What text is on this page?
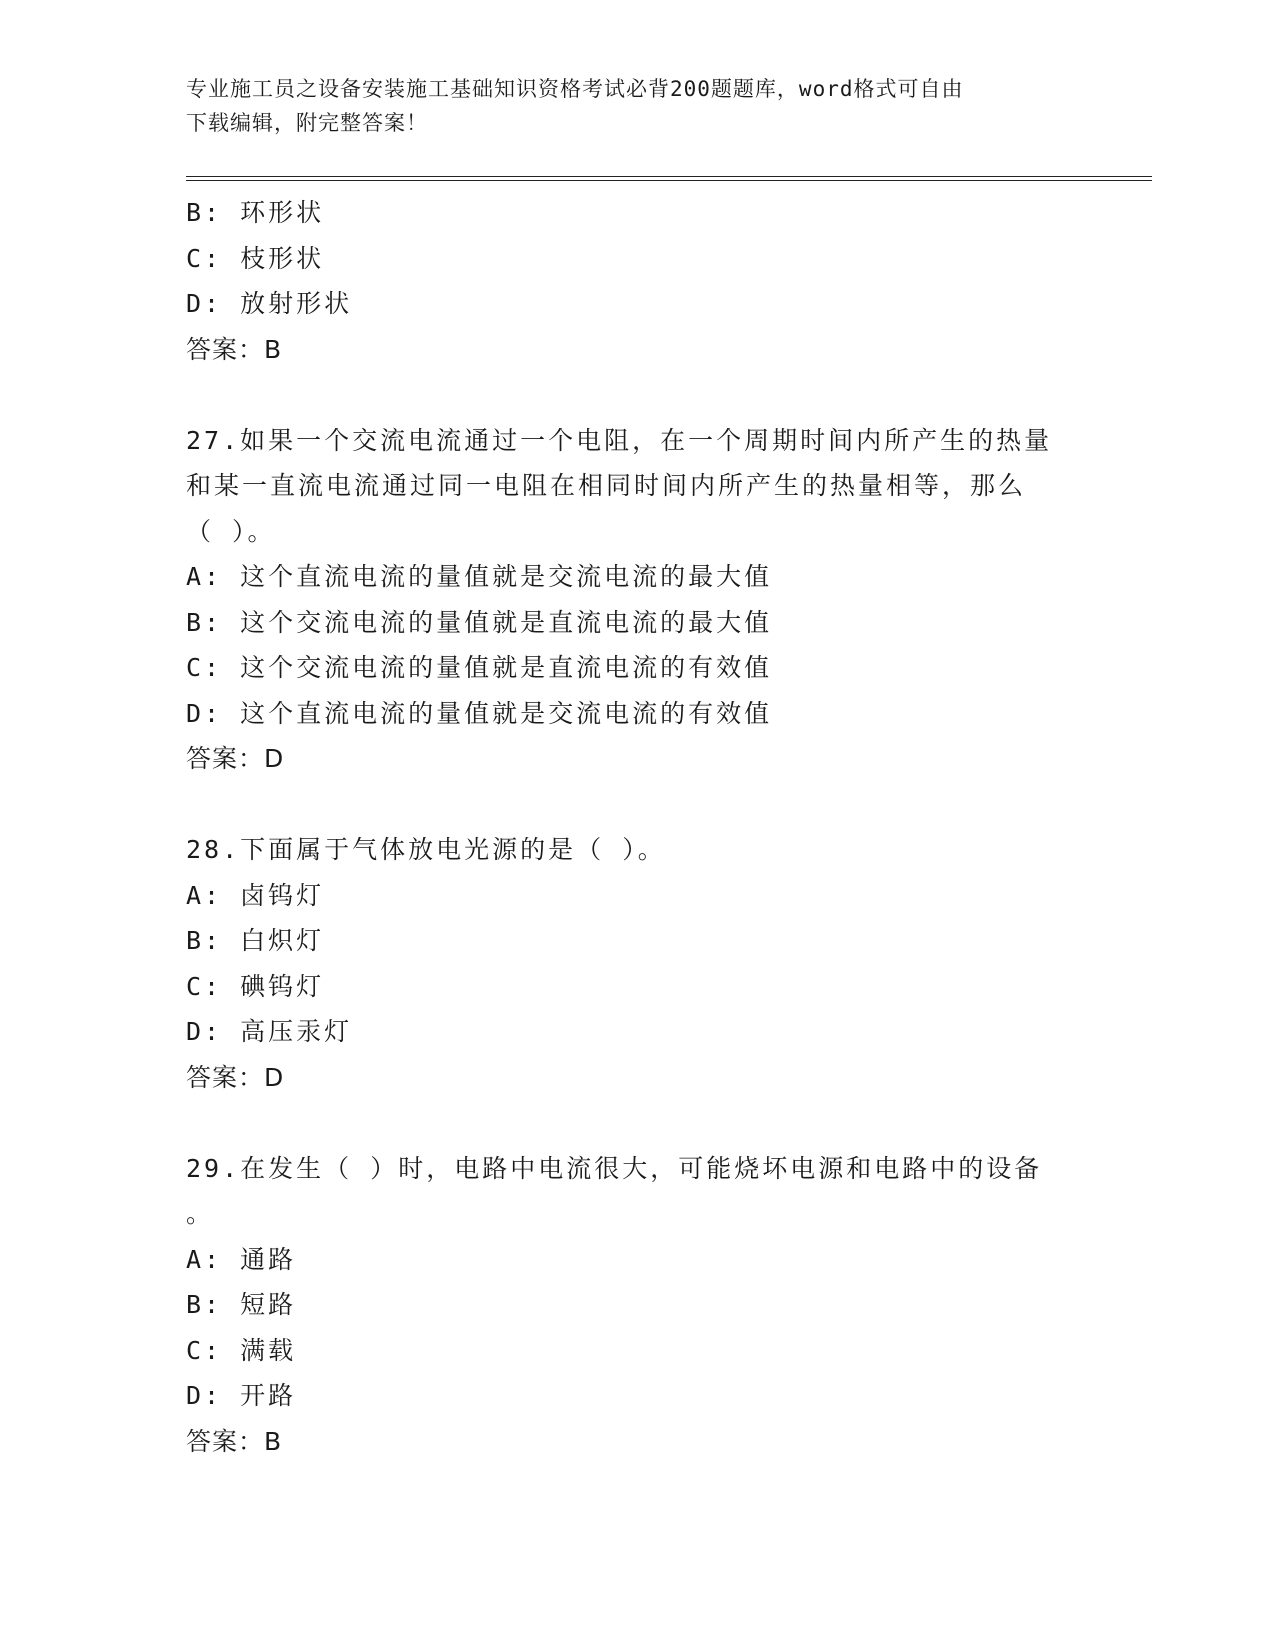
专业施工员之设备安装施工基础知识资格考试必背200题题库，word格式可自由
下载编辑，附完整答案！
B: 环形状
C: 枝形状
D: 放射形状
答案：B
27.如果一个交流电流通过一个电阻，在一个周期时间内所产生的热量
和某一直流电流通过同一电阻在相同时间内所产生的热量相等，那么
（ ）。
A: 这个直流电流的量值就是交流电流的最大值
B: 这个交流电流的量值就是直流电流的最大值
C: 这个交流电流的量值就是直流电流的有效值
D: 这个直流电流的量值就是交流电流的有效值
答案：D
28.下面属于气体放电光源的是（ ）。
A: 卤钨灯
B: 白炽灯
C: 碘钨灯
D: 高压汞灯
答案：D
29.在发生（ ）时，电路中电流很大，可能烧坏电源和电路中的设备
。
A: 通路
B: 短路
C: 满载
D: 开路
答案：B
